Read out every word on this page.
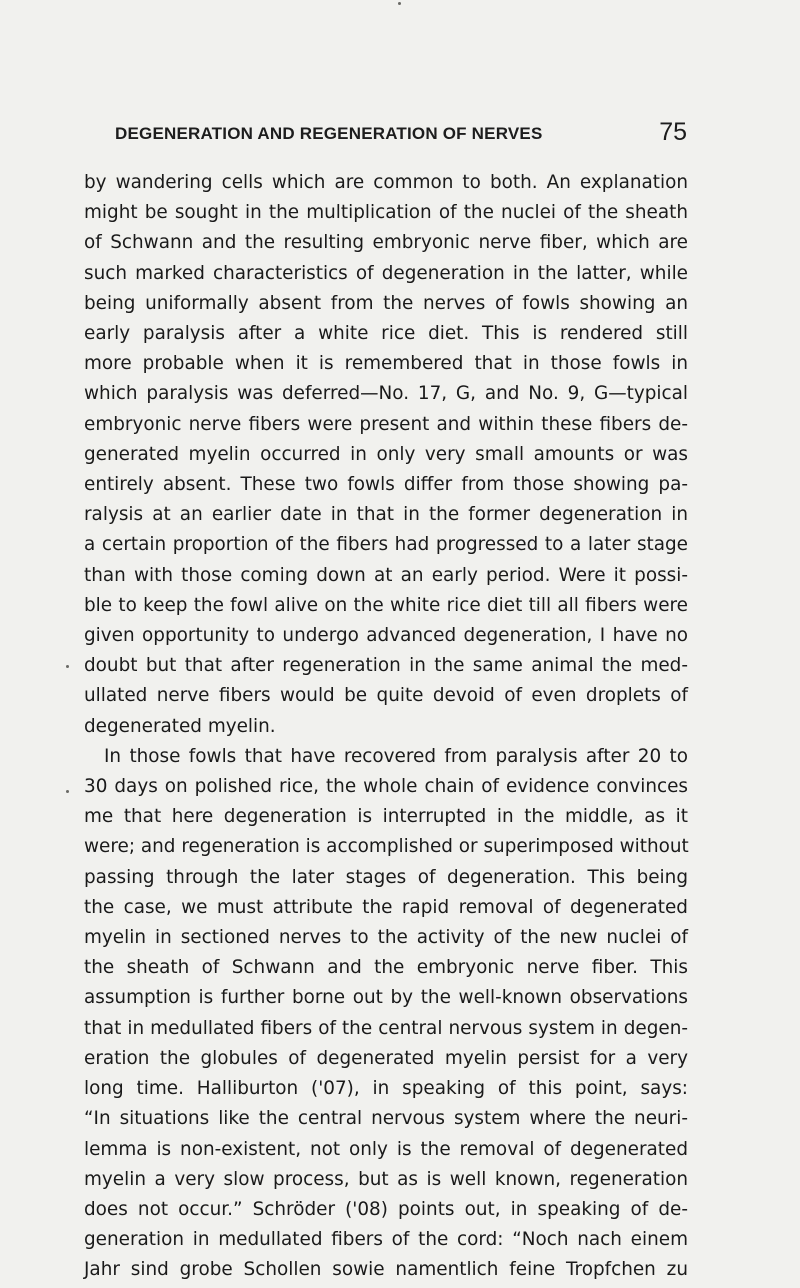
DEGENERATION AND REGENERATION OF NERVES	75

by wandering cells which are common to both. An explanation
might be sought in the multiplication of the nuclei of the sheath
of Schwann and the resulting embryonic nerve fiber, which are
such marked characteristics of degeneration in the latter, while
being uniformally absent from the nerves of fowls showing an
early paralysis after a white rice diet. This is rendered still
more probable when it is remembered that in those fowls in
which paralysis was deferred—No. 17, G, and No. 9, G—typical
embryonic nerve fibers were present and within these fibers de-
generated myelin occurred in only very small amounts or was
entirely absent. These two fowls differ from those showing pa-
ralysis at an earlier date in that in the former degeneration in
a certain proportion of the fibers had progressed to a later stage
than with those coming down at an early period. Were it possi-
ble to keep the fowl alive on the white rice diet till all fibers were
given opportunity to undergo advanced degeneration, I have no
doubt but that after regeneration in the same animal the med-
ullated nerve fibers would be quite devoid of even droplets of
degenerated myelin.

In those fowls that have recovered from paralysis after 20 to
30 days on polished rice, the whole chain of evidence convinces
me that here degeneration is interrupted in the middle, as it
were; and regeneration is accomplished or superimposed without
passing through the later stages of degeneration. This being
the case, we must attribute the rapid removal of degenerated
myelin in sectioned nerves to the activity of the new nuclei of
the sheath of Schwann and the embryonic nerve fiber. This
assumption is further borne out by the well-known observations
that in medullated fibers of the central nervous system in degen-
eration the globules of degenerated myelin persist for a very
long time. Halliburton ('07), in speaking of this point, says:
“In situations like the central nervous system where the neuri-
lemma is non-existent, not only is the removal of degenerated
myelin a very slow process, but as is well known, regeneration
does not occur.” Schröder ('08) points out, in speaking of de-
generation in medullated fibers of the cord: “Noch nach einem
Jahr sind grobe Schollen sowie namentlich feine Tropfchen zu
